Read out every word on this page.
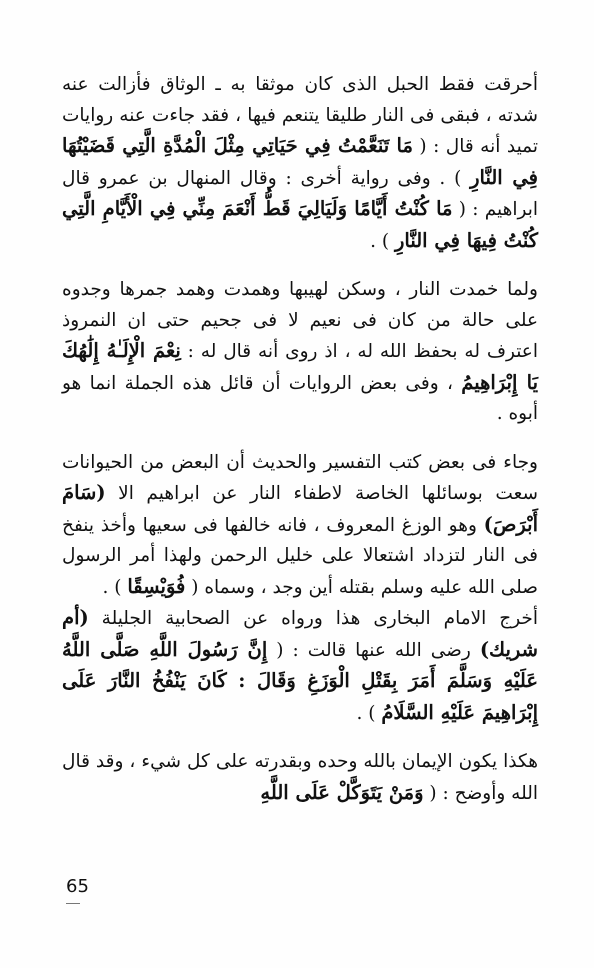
أحرقت فقط الحبل الذى كان موثقا به ـ الوثاق فأزالت عنه شدته ، فبقى فى النار طليقا يتنعم فيها ، فقد جاءت عنه روايات تميد أنه قال : ( مَا تَنَعَّمْتُ فِي حَيَاتِي مِثْلَ الْمُدَّةِ الَّتِي قَضَيْتُهَا فِي النَّارِ ) . وفى رواية أخرى : وقال المنهال بن عمرو قال ابراهيم : ( مَا كُنْتُ أَيَّامًا وَلَيَالِيَ قَطُّ أَنْعَمَ مِنِّي فِي الْأَيَّامِ الَّتِي كُنْتُ فِيهَا فِي النَّارِ ) .

ولما خمدت النار ، وسكن لهيبها وهمدت وهمد جمرها وجدوه على حالة من كان فى نعيم لا فى جحيم حتى ان النمروذ اعترف له بحفظ الله له ، اذ روى أنه قال له : نِعْمَ الْإِلَـٰهُ إِلَٰهُكَ يَا إِبْرَاهِيمُ ، وفى بعض الروايات أن قائل هذه الجملة انما هو أبوه .

وجاء فى بعض كتب التفسير والحديث أن البعض من الحيوانات سعت بوسائلها الخاصة لاطفاء النار عن ابراهيم الا (سَامَ أَبْرَصَ) وهو الوزغ المعروف ، فانه خالفها فى سعيها وأخذ ينفخ فى النار لتزداد اشتعالا على خليل الرحمن ولهذا أمر الرسول صلى الله عليه وسلم بقتله أين وجد ، وسماه ( فُوَيْسِقًا ) .

أخرج الامام البخارى هذا ورواه عن الصحابية الجليلة (أم شريك) رضى الله عنها قالت : ( إِنَّ رَسُولَ اللَّهِ صَلَّى اللَّهُ عَلَيْهِ وَسَلَّمَ أَمَرَ بِقَتْلِ الْوَزَغِ وَقَالَ : كَانَ يَنْفُخُ النَّارَ عَلَى إِبْرَاهِيمَ عَلَيْهِ السَّلَامُ ) .

هكذا يكون الإيمان بالله وحده وبقدرته على كل شيء ، وقد قال الله وأوضح : ( وَمَنْ يَتَوَكَّلْ عَلَى اللَّهِ

65
